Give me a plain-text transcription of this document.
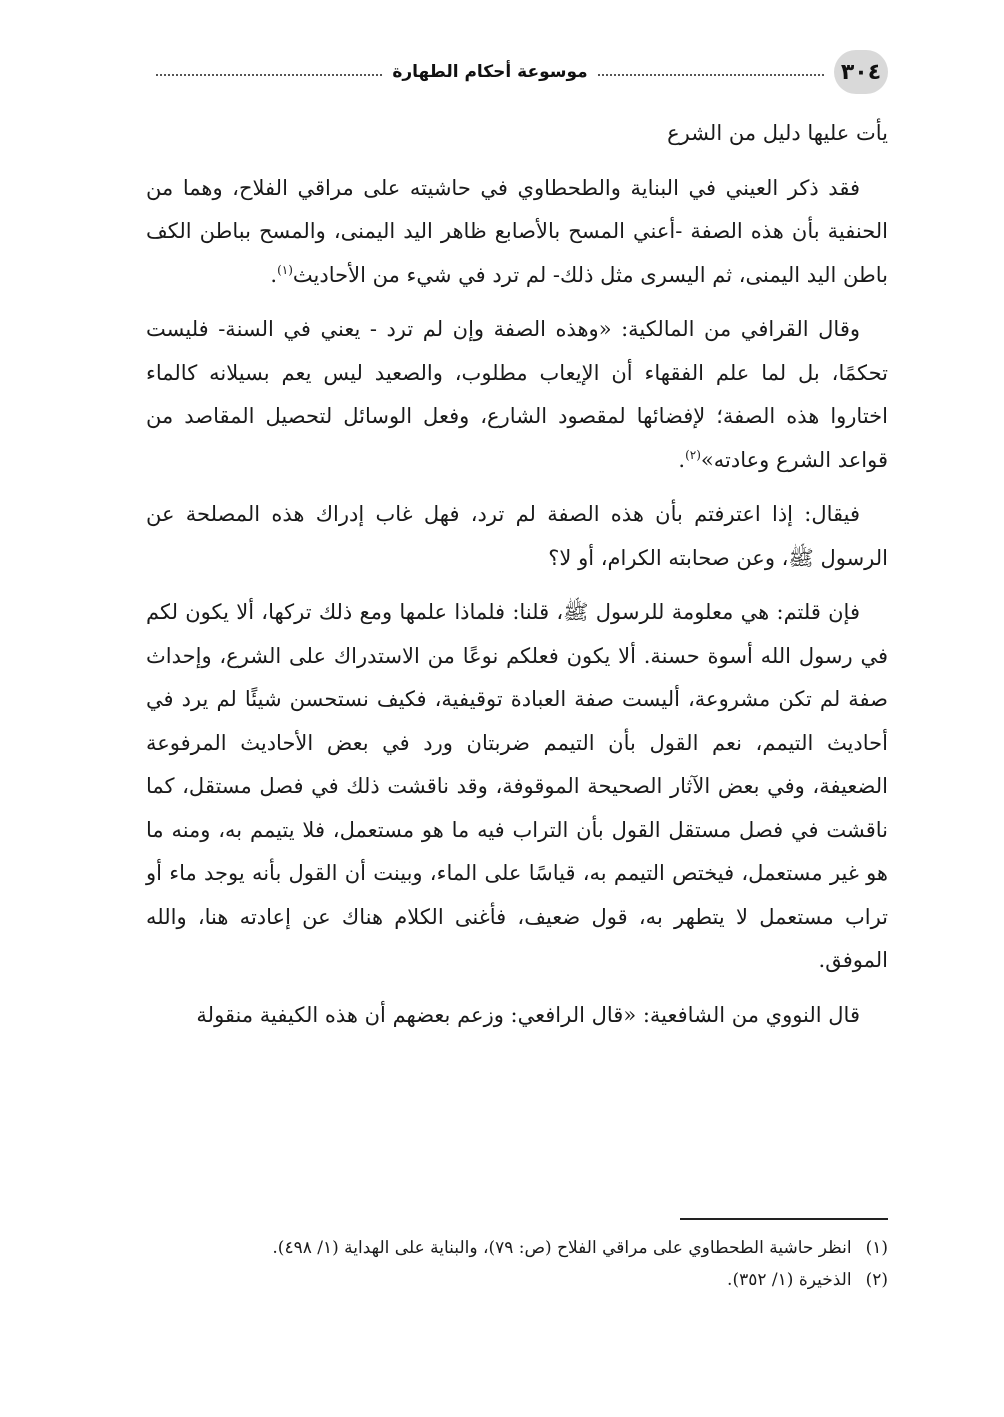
٣٠٤
موسوعة أحكام الطهارة

يأت عليها دليل من الشرع

فقد ذكر العيني في البناية والطحطاوي في حاشيته على مراقي الفلاح، وهما من الحنفية بأن هذه الصفة -أعني المسح بالأصابع ظاهر اليد اليمنى، والمسح بباطن الكف باطن اليد اليمنى، ثم اليسرى مثل ذلك- لم ترد في شيء من الأحاديث$^{(١)}$.

وقال القرافي من المالكية: «وهذه الصفة وإن لم ترد - يعني في السنة- فليست تحكمًا، بل لما علم الفقهاء أن الإيعاب مطلوب، والصعيد ليس يعم بسيلانه كالماء اختاروا هذه الصفة؛ لإفضائها لمقصود الشارع، وفعل الوسائل لتحصيل المقاصد من قواعد الشرع وعادته»$^{(٢)}$.

فيقال: إذا اعترفتم بأن هذه الصفة لم ترد، فهل غاب إدراك هذه المصلحة عن الرسول ﷺ، وعن صحابته الكرام، أو لا؟

فإن قلتم: هي معلومة للرسول ﷺ، قلنا: فلماذا علمها ومع ذلك تركها، ألا يكون لكم في رسول الله أسوة حسنة. ألا يكون فعلكم نوعًا من الاستدراك على الشرع، وإحداث صفة لم تكن مشروعة، أليست صفة العبادة توقيفية، فكيف نستحسن شيئًا لم يرد في أحاديث التيمم، نعم القول بأن التيمم ضربتان ورد في بعض الأحاديث المرفوعة الضعيفة، وفي بعض الآثار الصحيحة الموقوفة، وقد ناقشت ذلك في فصل مستقل، كما ناقشت في فصل مستقل القول بأن التراب فيه ما هو مستعمل، فلا يتيمم به، ومنه ما هو غير مستعمل، فيختص التيمم به، قياسًا على الماء، وبينت أن القول بأنه يوجد ماء أو تراب مستعمل لا يتطهر به، قول ضعيف، فأغنى الكلام هناك عن إعادته هنا، والله الموفق.

قال النووي من الشافعية: «قال الرافعي: وزعم بعضهم أن هذه الكيفية منقولة

(١)
انظر حاشية الطحطاوي على مراقي الفلاح (ص: ٧٩)، والبناية على الهداية (١/ ٤٩٨).
(٢)
الذخيرة (١/ ٣٥٢).
